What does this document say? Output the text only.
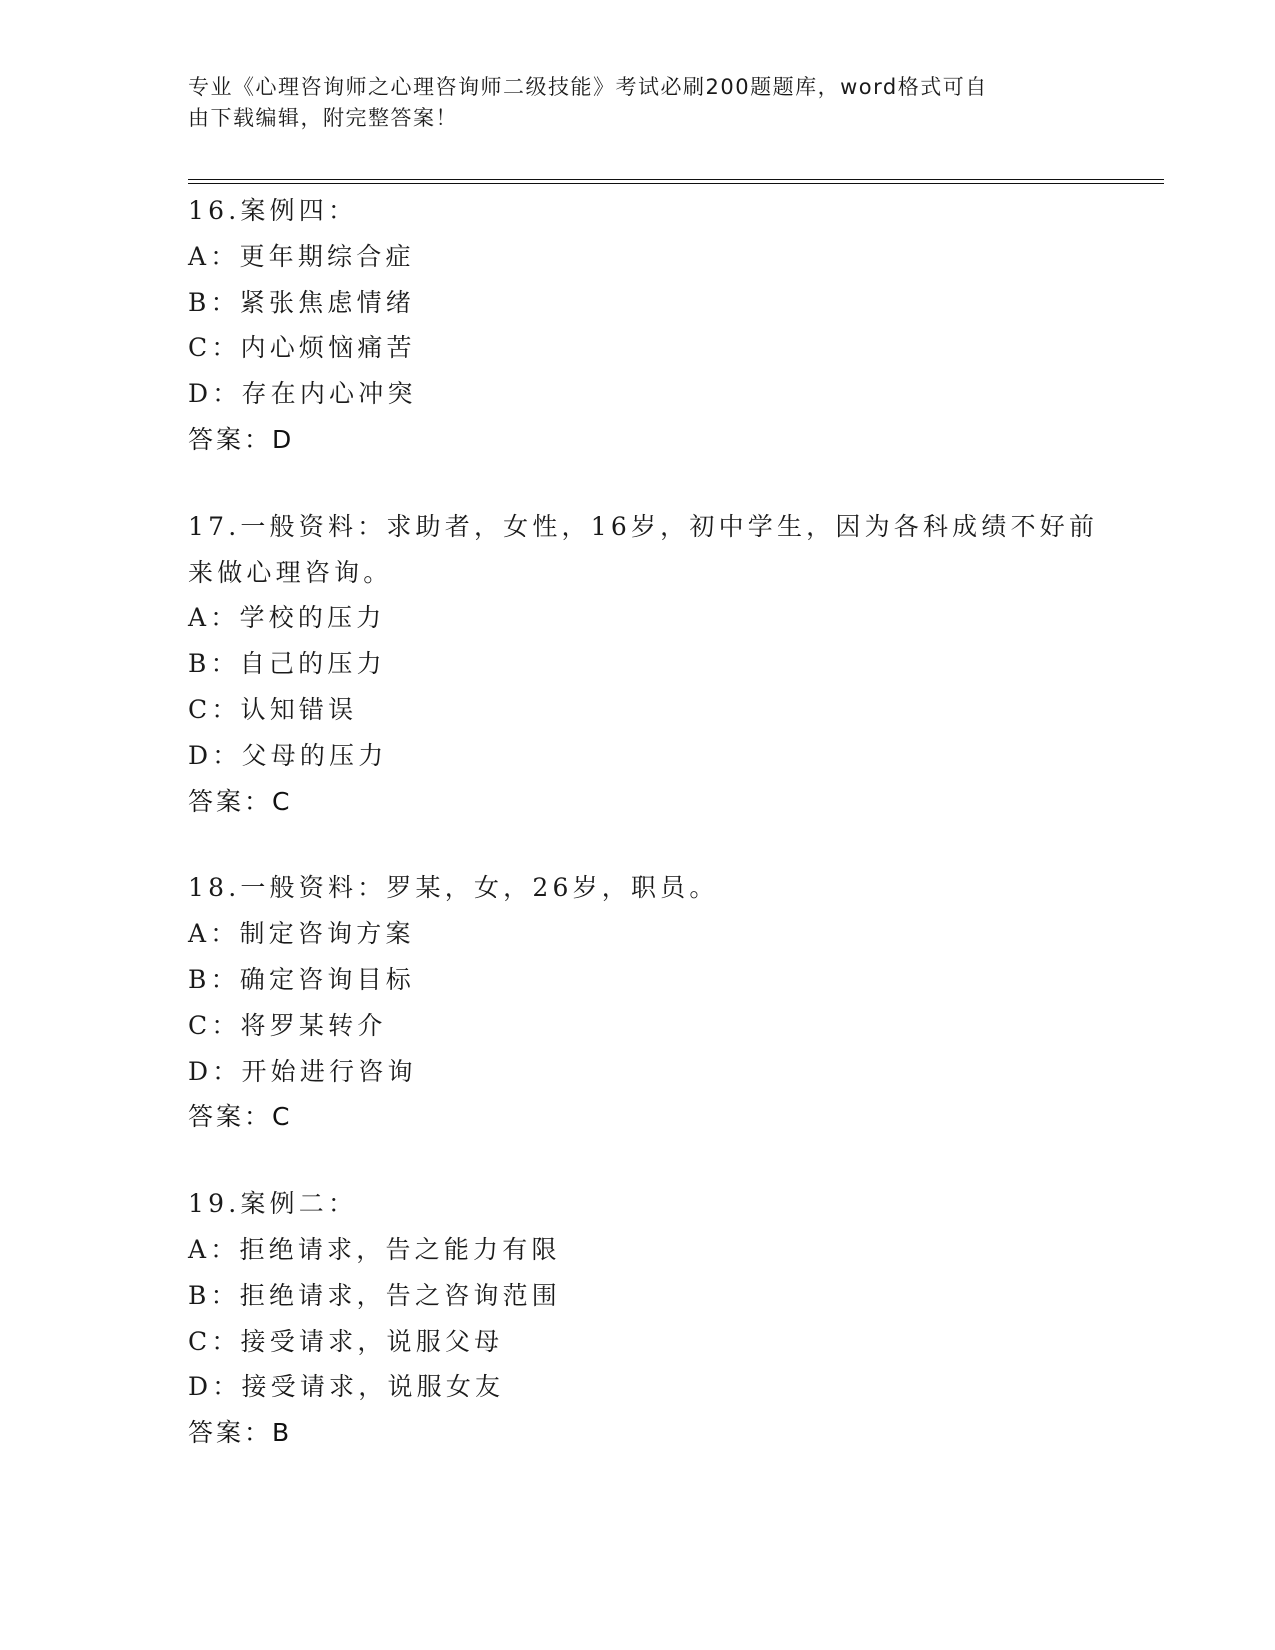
专业《心理咨询师之心理咨询师二级技能》考试必刷200题题库，word格式可自
由下载编辑，附完整答案！
16.案例四：
A：更年期综合症
B：紧张焦虑情绪
C：内心烦恼痛苦
D：存在内心冲突
答案：D
17.一般资料：求助者，女性，16岁，初中学生，因为各科成绩不好前
来做心理咨询。
A：学校的压力
B：自己的压力
C：认知错误
D：父母的压力
答案：C
18.一般资料：罗某，女，26岁，职员。
A：制定咨询方案
B：确定咨询目标
C：将罗某转介
D：开始进行咨询
答案：C
19.案例二：
A：拒绝请求，告之能力有限
B：拒绝请求，告之咨询范围
C：接受请求，说服父母
D：接受请求，说服女友
答案：B
